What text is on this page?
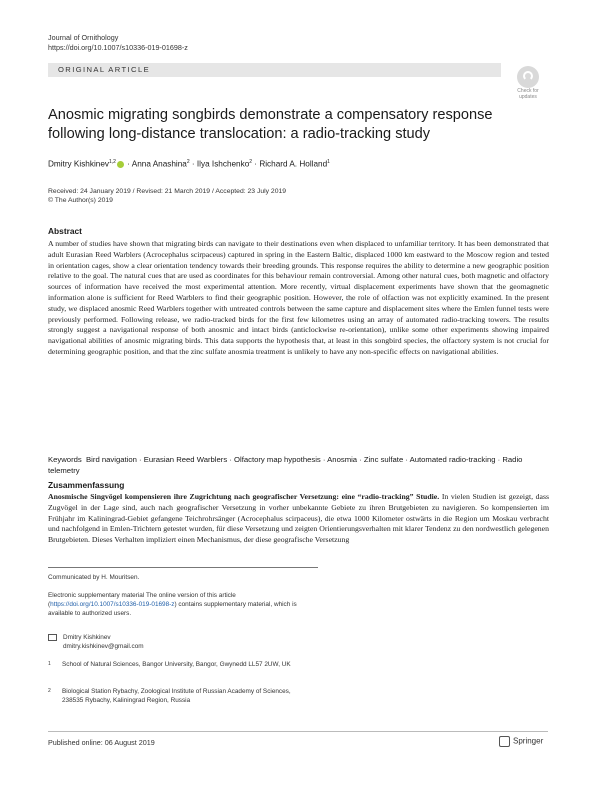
Journal of Ornithology
https://doi.org/10.1007/s10336-019-01698-z
ORIGINAL ARTICLE
Check for updates
Anosmic migrating songbirds demonstrate a compensatory response following long-distance translocation: a radio-tracking study
Dmitry Kishkinev$^{1,2}$ · Anna Anashina$^2$ · Ilya Ishchenko$^2$ · Richard A. Holland$^1$
Received: 24 January 2019 / Revised: 21 March 2019 / Accepted: 23 July 2019
© The Author(s) 2019
Abstract
A number of studies have shown that migrating birds can navigate to their destinations even when displaced to unfamiliar territory. It has been demonstrated that adult Eurasian Reed Warblers (Acrocephalus scirpaceus) captured in spring in the Eastern Baltic, displaced 1000 km eastward to the Moscow region and tested in orientation cages, show a clear orientation tendency towards their breeding grounds. This response requires the ability to determine a new geographic position relative to the goal. The natural cues that are used as coordinates for this behaviour remain controversial. Among other natural cues, both magnetic and olfactory sources of information have received the most experimental attention. More recently, virtual displacement experiments have shown that the geomagnetic information alone is sufficient for Reed Warblers to find their geographic position. However, the role of olfaction was not explicitly examined. In the present study, we displaced anosmic Reed Warblers together with untreated controls between the same capture and displacement sites where the Emlen funnel tests were previously performed. Following release, we radio-tracked birds for the first few kilometres using an array of automated radio-tracking towers. The results strongly suggest a navigational response of both anosmic and intact birds (anticlockwise re-orientation), unlike some other experiments showing impaired navigational abilities of anosmic migrating birds. This data supports the hypothesis that, at least in this songbird species, the olfactory system is not crucial for determining geographic position, and that the zinc sulfate anosmia treatment is unlikely to have any non-specific effects on navigational abilities.
Keywords Bird navigation · Eurasian Reed Warblers · Olfactory map hypothesis · Anosmia · Zinc sulfate · Automated radio-tracking · Radio telemetry
Zusammenfassung
Anosmische Singvögel kompensieren ihre Zugrichtung nach geografischer Versetzung: eine “radio-tracking” Studie. In vielen Studien ist gezeigt, dass Zugvögel in der Lage sind, auch nach geografischer Versetzung in vorher unbekannte Gebiete zu ihren Brutgebieten zu navigieren. So kompensierten im Frühjahr im Kaliningrad-Gebiet gefangene Teichrohrsänger (Acrocephalus scirpaceus), die etwa 1000 Kilometer ostwärts in die Region um Moskau verbracht und nachfolgend in Emlen-Trichtern getestet wurden, für diese Versetzung und zeigten Orientierungsverhalten mit klarer Tendenz zu den nordwestlich gelegenen Brutgebieten. Dieses Verhalten impliziert einen Mechanismus, der diese geografische Versetzung
Communicated by H. Mouritsen.
Electronic supplementary material The online version of this article (https://doi.org/10.1007/s10336-019-01698-z) contains supplementary material, which is available to authorized users.
Dmitry Kishkinev
dmitry.kishkinev@gmail.com
1 School of Natural Sciences, Bangor University, Bangor, Gwynedd LL57 2UW, UK
2 Biological Station Rybachy, Zoological Institute of Russian Academy of Sciences, 238535 Rybachy, Kaliningrad Region, Russia
Published online: 06 August 2019	Springer
